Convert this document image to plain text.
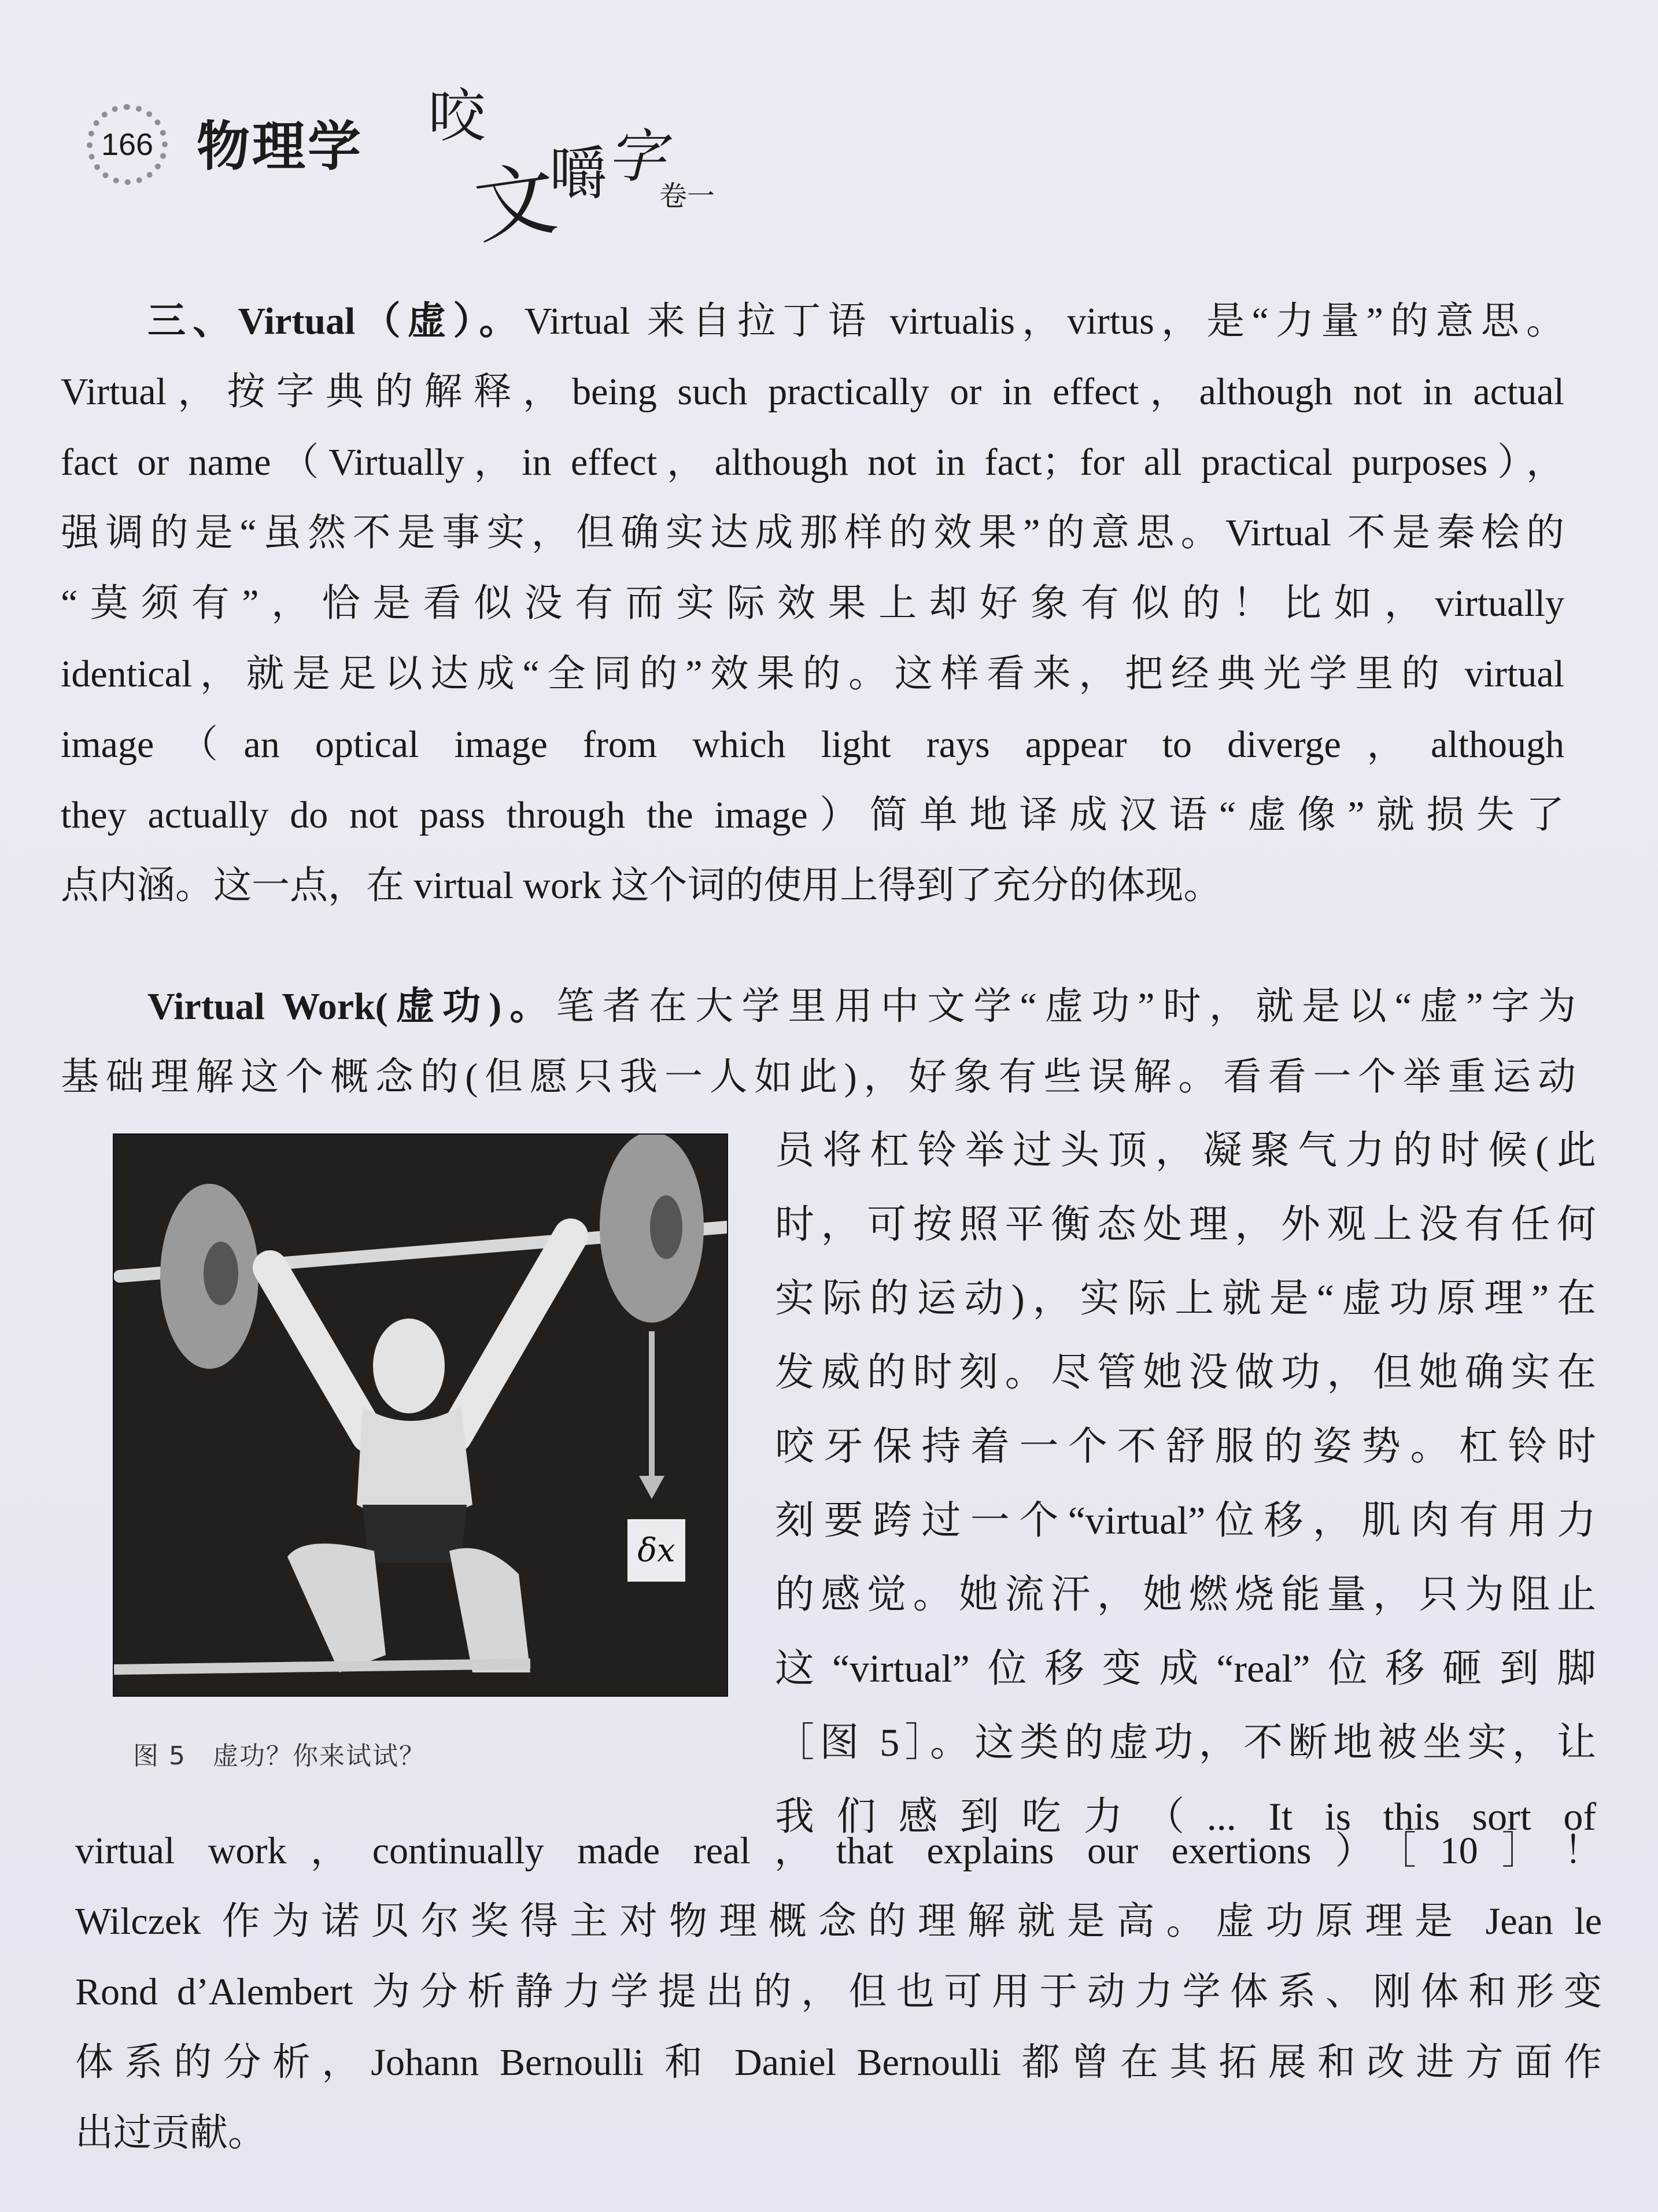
166 物理学 咬
文
嚼 字
卷一
三、Virtual（虚）。Virtual 来自拉丁语 virtualis，virtus，是“力量”的意思。
Virtual，按字典的解释，being such practically or in effect，although not in actual
fact or name（Virtually，in effect，although not in fact；for all practical purposes），
强调的是“虽然不是事实，但确实达成那样的效果”的意思。Virtual 不是秦桧的
“莫须有”，恰是看似没有而实际效果上却好象有似的！比如，virtually
identical，就是足以达成“全同的”效果的。这样看来，把经典光学里的 virtual
image（an optical image from which light rays appear to diverge，although
they actually do not pass through the image）简单地译成汉语“虚像”就损失了
点内涵。这一点，在 virtual work 这个词的使用上得到了充分的体现。
Virtual Work(虚功)。笔者在大学里用中文学“虚功”时，就是以“虚”字为
基础理解这个概念的(但愿只我一人如此)，好象有些误解。看看一个举重运动
δx
图 5　虚功？你来试试？
员将杠铃举过头顶，凝聚气力的时候(此
时，可按照平衡态处理，外观上没有任何
实际的运动)，实际上就是“虚功原理”在
发威的时刻。尽管她没做功，但她确实在
咬牙保持着一个不舒服的姿势。杠铃时
刻要跨过一个“virtual”位移，肌肉有用力
的感觉。她流汗，她燃烧能量，只为阻止
这“virtual”位移变成“real”位移砸到脚
［图 5］。这类的虚功，不断地被坐实，让
我们感到吃力（... It is this sort of
virtual work，continually made real，that explains our exertions）［10］！
Wilczek 作为诺贝尔奖得主对物理概念的理解就是高。虚功原理是 Jean le
Rond d’Alembert 为分析静力学提出的，但也可用于动力学体系、刚体和形变
体系的分析，Johann Bernoulli 和 Daniel Bernoulli 都曾在其拓展和改进方面作
出过贡献。
